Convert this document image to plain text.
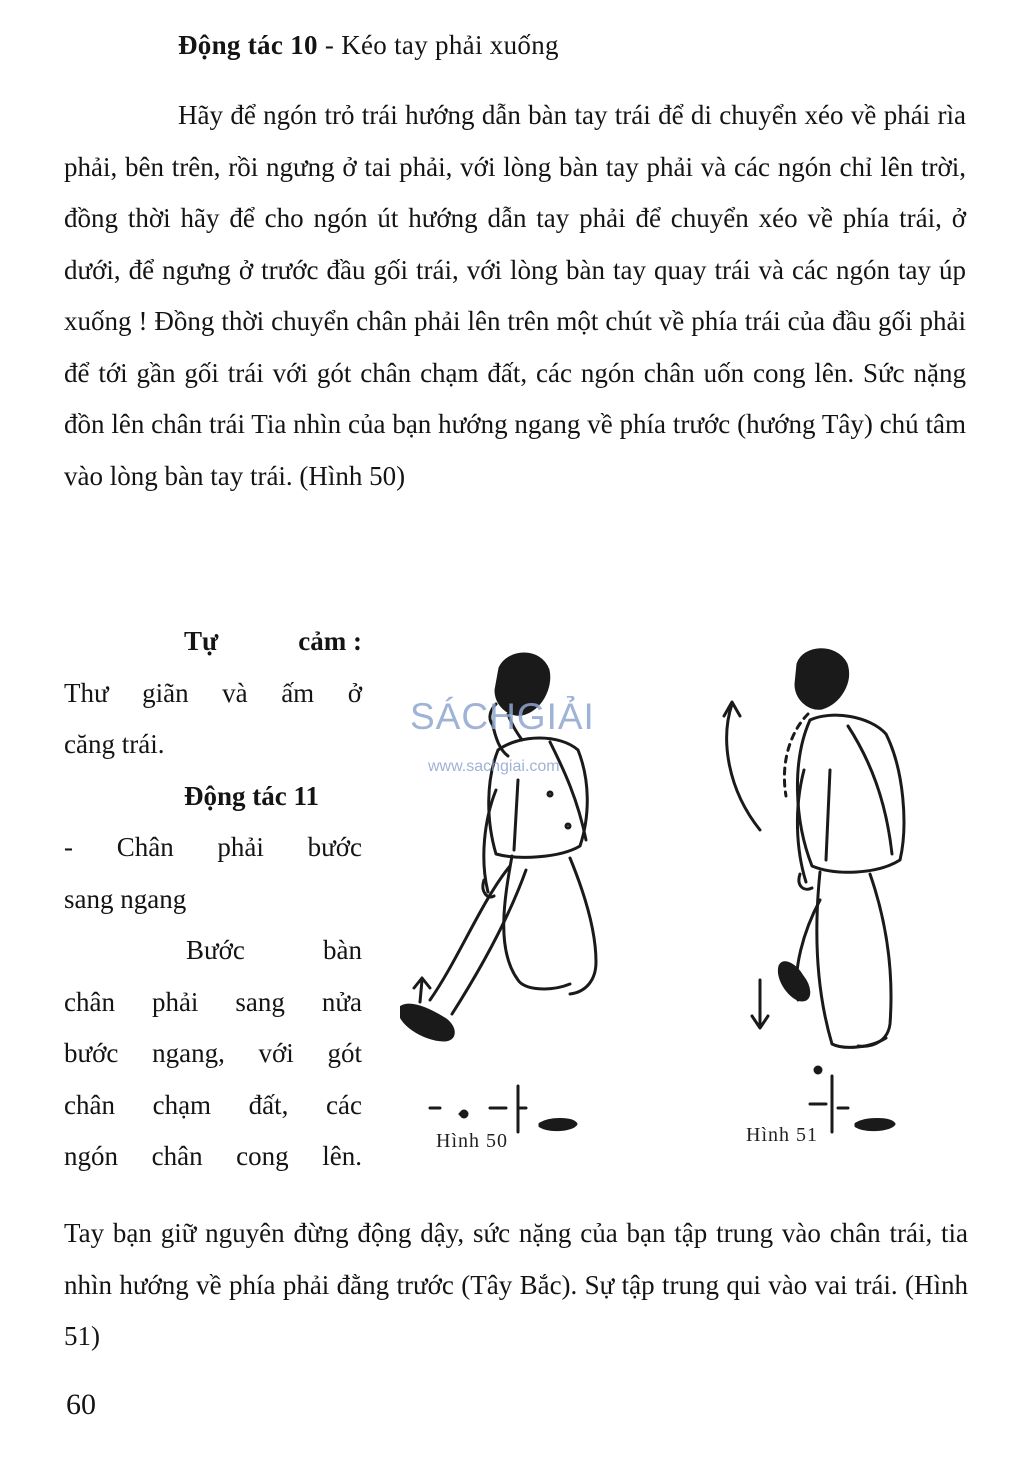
Động tác 10 - Kéo tay phải xuống
Hãy để ngón trỏ trái hướng dẫn bàn tay trái để di chuyển xéo về phái rìa phải, bên trên, rồi ngưng ở tai phải, với lòng bàn tay phải và các ngón chỉ lên trời, đồng thời hãy để cho ngón út hướng dẫn tay phải để chuyển xéo về phía trái, ở dưới, để ngưng ở trước đầu gối trái, với lòng bàn tay quay trái và các ngón tay úp xuống ! Đồng thời chuyển chân phải lên trên một chút về phía trái của đầu gối phải để tới gần gối trái với gót chân chạm đất, các ngón chân uốn cong lên. Sức nặng đồn lên chân trái Tia nhìn của bạn hướng ngang về phía trước (hướng Tây) chú tâm vào lòng bàn tay trái. (Hình 50)
Tự	cảm :
Thư giãn và ấm ở
căng trái.
Động tác 11
- Chân phải bước
sang ngang
Bước bàn
chân phải sang nửa
bước ngang, với gót
chân chạm đất, các
ngón chân cong lên.	Hình 50	Hình 51
SÁCHGIẢI
www.sachgiai.com
Tay bạn giữ nguyên đừng động dậy, sức nặng của bạn tập trung vào chân trái, tia nhìn hướng về phía phải đằng trước (Tây Bắc). Sự tập trung qui vào vai trái. (Hình 51)
60
